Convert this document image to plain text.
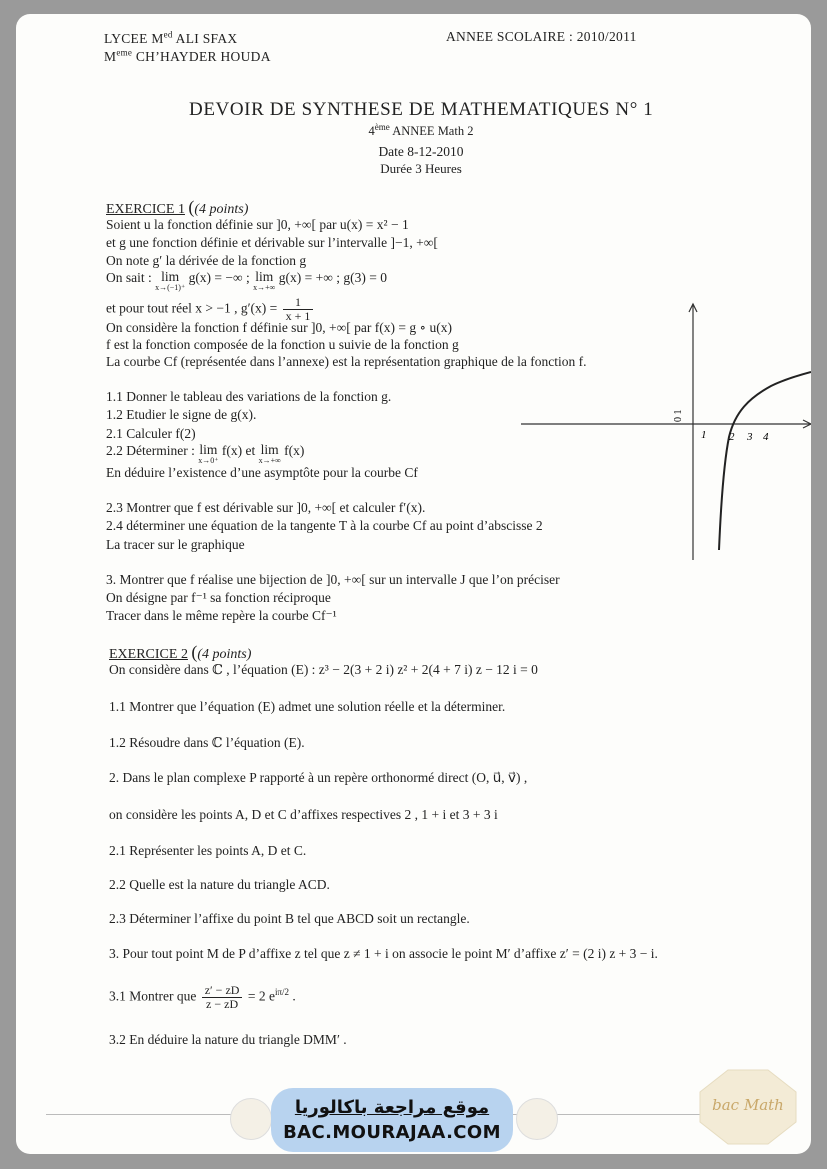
LYCEE $M^{ed}$ ALI SFAX
Meme CH’HAYDER HOUDA
ANNEE SCOLAIRE : 2010/2011
DEVOIR DE SYNTHESE DE MATHEMATIQUES N° 1
4ème ANNEE Math 2
Date 8-12-2010
Durée 3 Heures
EXERCICE 1 ((4 points)
Soient u la fonction définie sur ]0, +∞[ par u(x) = x² − 1
et g une fonction définie et dérivable sur l’intervalle ]−1, +∞[
On note g′ la dérivée de la fonction g
On sait : lim
x→(−1)⁺
g(x) = −∞ ; lim
x→+∞
g(x) = +∞ ; g(3) = 0
et pour tout réel x > −1 , $g'(x) = \frac{1}{x + 1}$
On considère la fonction f définie sur ]0, +∞[ par f(x) = g ∘ u(x)
f est la fonction composée de la fonction u suivie de la fonction g
La courbe Cf (représentée dans l’annexe) est la représentation graphique de la fonction f.
1.1 Donner le tableau des variations de la fonction g.
1.2 Etudier le signe de g(x).
2.1 Calculer f(2)
2.2 Déterminer : lim
x→0⁺
f(x) et lim
x→+∞
f(x)
En déduire l’existence d’une asymptôte pour la courbe Cf
2.3 Montrer que f est dérivable sur ]0, +∞[ et calculer f′(x).
2.4 déterminer une équation de la tangente T à la courbe Cf au point d’abscisse 2
La tracer sur le graphique
3. Montrer que f réalise une bijection de ]0, +∞[ sur un intervalle J que l’on préciser
On désigne par f⁻¹ sa fonction réciproque
Tracer dans le même repère la courbe Cf⁻¹
0 1
2 3 4
1
EXERCICE 2 ((4 points)
On considère dans ℂ , l’équation (E) : z³ − 2(3 + 2 i) z² + 2(4 + 7 i) z − 12 i = 0
1.1 Montrer que l’équation (E) admet une solution réelle et la déterminer.
1.2 Résoudre dans ℂ l’équation (E).
2. Dans le plan complexe P rapporté à un repère orthonormé direct (O, u⃗, v⃗) ,
on considère les points A, D et C d’affixes respectives 2 , 1 + i et 3 + 3 i
2.1 Représenter les points A, D et C.
2.2 Quelle est la nature du triangle ACD.
2.3 Déterminer l’affixe du point B tel que ABCD soit un rectangle.
3. Pour tout point M de P d’affixe z tel que z ≠ 1 + i on associe le point M′ d’affixe z′ = (2 i) z + 3 − i.
3.1 Montrer que $\frac{z' - zD}{z - zD} = 2$ $e^{i\pi/2}$ .
3.2 En déduire la nature du triangle DMM′ .
موقع مراجعة باكالوريا
BAC.MOURAJAA.COM
bac Math
